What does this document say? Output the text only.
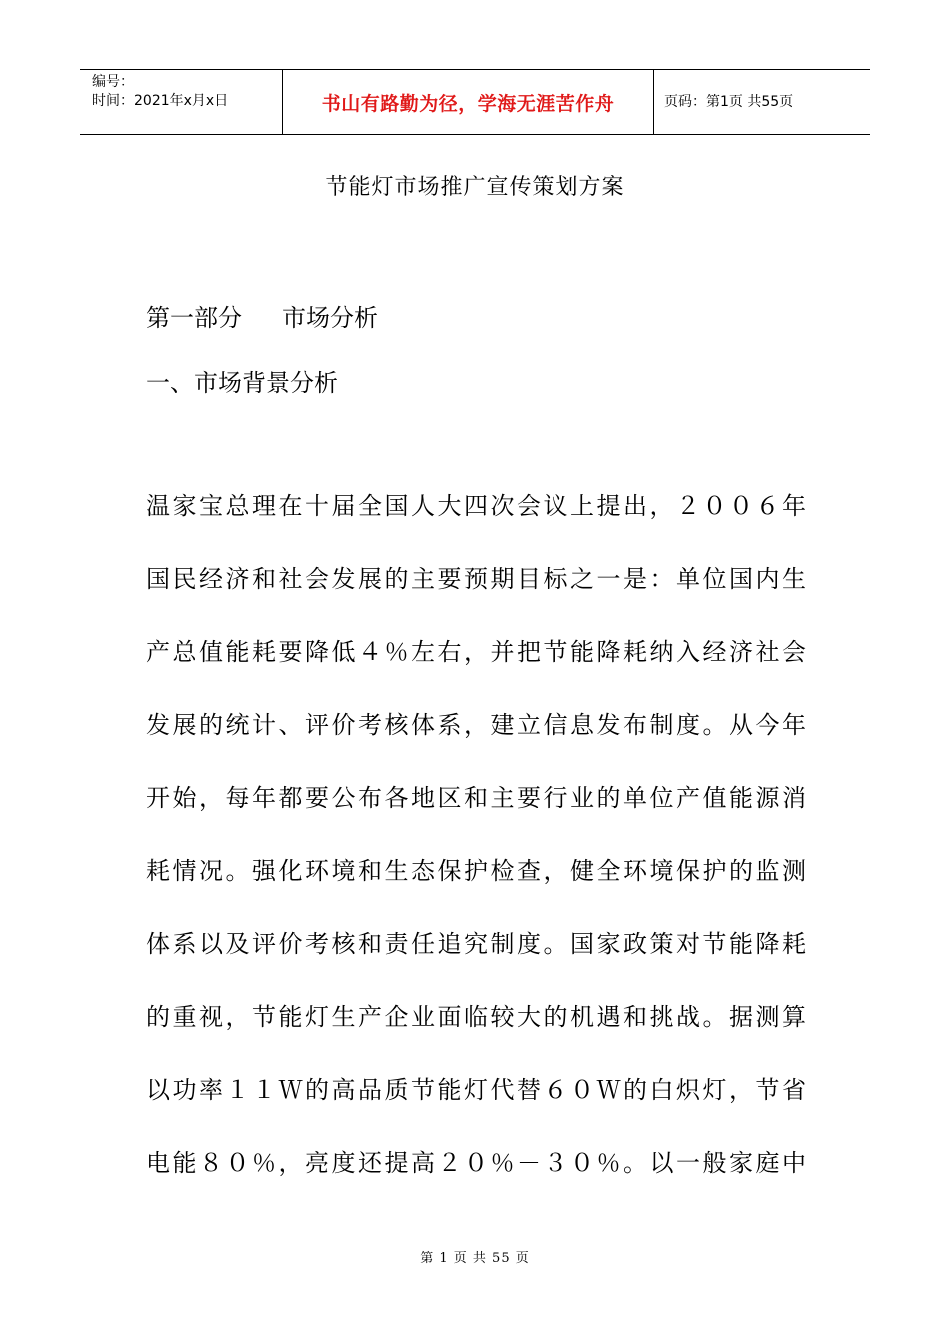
编号：
时间：2021年x月x日	书山有路勤为径，学海无涯苦作舟	页码：第1页 共55页
节能灯市场推广宣传策划方案
第一部分 市场分析
一、市场背景分析

温家宝总理在十届全国人大四次会议上提出，２００６年

国民经济和社会发展的主要预期目标之一是：单位国内生

产总值能耗要降低４％左右，并把节能降耗纳入经济社会

发展的统计、评价考核体系，建立信息发布制度。从今年

开始，每年都要公布各地区和主要行业的单位产值能源消

耗情况。强化环境和生态保护检查，健全环境保护的监测

体系以及评价考核和责任追究制度。国家政策对节能降耗

的重视，节能灯生产企业面临较大的机遇和挑战。据测算

以功率１１Ｗ的高品质节能灯代替６０Ｗ的白炽灯，节省

电能８０％，亮度还提高２０％－３０％。以一般家庭中

第 1 页 共 55 页
